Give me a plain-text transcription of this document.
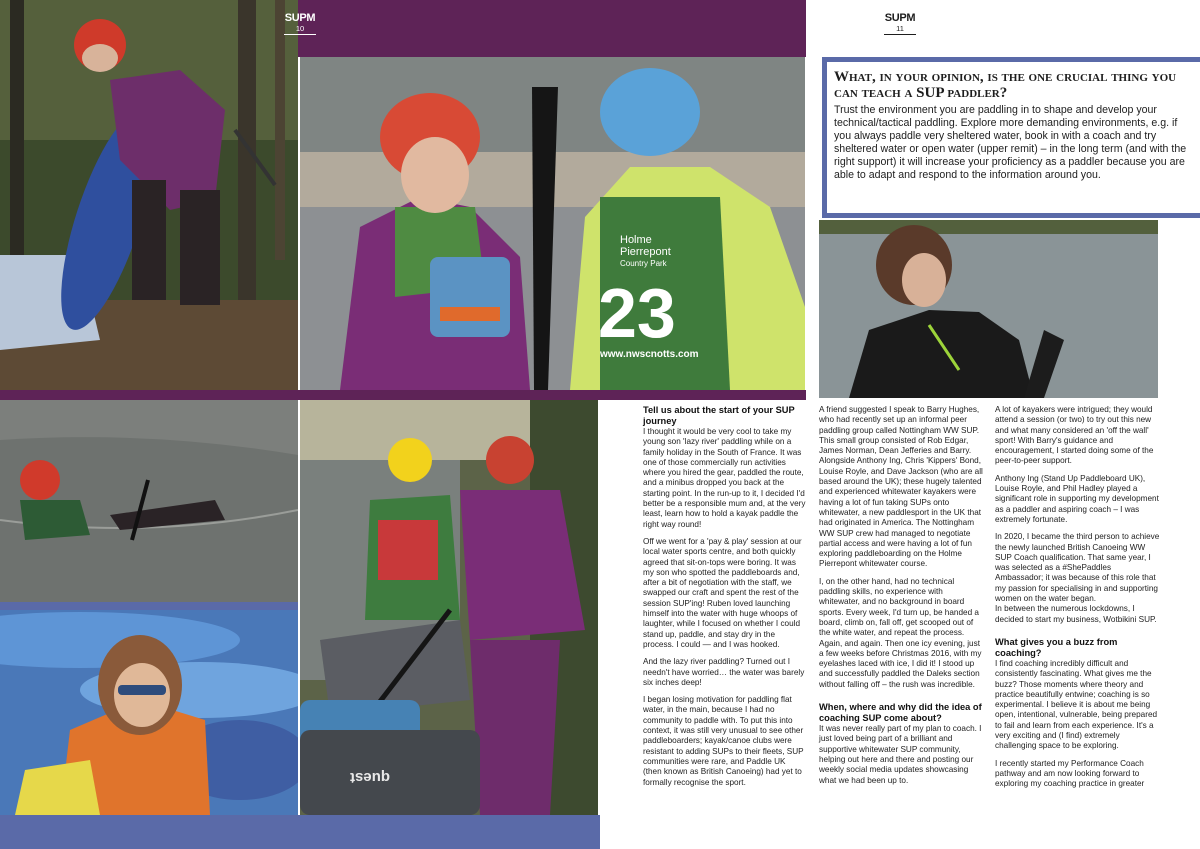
23
Holme
Pierrepont
Country Park
www.nwscnotts.com
What, in your opinion, is the one crucial thing you can teach a SUP paddler?

Trust the environment you are paddling in to shape and develop your technical/tactical paddling. Explore more demanding environments, e.g. if you always paddle very sheltered water, book in with a coach and try sheltered water or open water (upper remit) – in the long term (and with the right support) it will increase your proficiency as a paddler because you are able to adapt and respond to the information around you.

quest
SUPM
10
SUPM
11
Tell us about the start of your SUP journey

I thought it would be very cool to take my young son 'lazy river' paddling while on a family holiday in the South of France. It was one of those commercially run activities where you hired the gear, paddled the route, and a minibus dropped you back at the starting point. In the run-up to it, I decided I'd better be a responsible mum and, at the very least, learn how to hold a kayak paddle the right way round!

Off we went for a 'pay & play' session at our local water sports centre, and both quickly agreed that sit-on-tops were boring. It was my son who spotted the paddleboards and, after a bit of negotiation with the staff, we swapped our craft and spent the rest of the session SUP'ing! Ruben loved launching himself into the water with huge whoops of laughter, while I focused on whether I could stand up, paddle, and stay dry in the process. I could — and I was hooked.

And the lazy river paddling? Turned out I needn't have worried… the water was barely six inches deep!

I began losing motivation for paddling flat water, in the main, because I had no community to paddle with. To put this into context, it was still very unusual to see other paddleboarders; kayak/canoe clubs were resistant to adding SUPs to their fleets, SUP communities were rare, and Paddle UK (then known as British Canoeing) had yet to formally recognise the sport.

A friend suggested I speak to Barry Hughes, who had recently set up an informal peer paddling group called Nottingham WW SUP. This small group consisted of Rob Edgar, James Norman, Dean Jefferies and Barry. Alongside Anthony Ing, Chris 'Kippers' Bond, Louise Royle, and Dave Jackson (who are all based around the UK); these hugely talented and experienced whitewater kayakers were having a lot of fun taking SUPs onto whitewater, a new paddlesport in the UK that had originated in America. The Nottingham WW SUP crew had managed to negotiate partial access and were having a lot of fun exploring paddleboarding on the Holme Pierrepont whitewater course.

I, on the other hand, had no technical paddling skills, no experience with whitewater, and no background in board sports. Every week, I'd turn up, be handed a board, climb on, fall off, get scooped out of the white water, and repeat the process. Again, and again. Then one icy evening, just a few weeks before Christmas 2016, with my eyelashes laced with ice, I did it! I stood up and successfully paddled the Daleks section without falling off – the rush was incredible.

When, where and why did the idea of coaching SUP come about?

It was never really part of my plan to coach. I just loved being part of a brilliant and supportive whitewater SUP community, helping out here and there and posting our weekly social media updates showcasing what we had been up to.

A lot of kayakers were intrigued; they would attend a session (or two) to try out this new and what many considered an 'off the wall' sport! With Barry's guidance and encouragement, I started doing some of the peer-to-peer support.

Anthony Ing (Stand Up Paddleboard UK), Louise Royle, and Phil Hadley played a significant role in supporting my development as a paddler and aspiring coach – I was extremely fortunate.

In 2020, I became the third person to achieve the newly launched British Canoeing WW SUP Coach qualification. That same year, I was selected as a #ShePaddles Ambassador; it was because of this role that my passion for specialising in and supporting women on the water began.

In between the numerous lockdowns, I decided to start my business, Wotbikini SUP.

What gives you a buzz from coaching?

I find coaching incredibly difficult and consistently fascinating. What gives me the buzz? Those moments where theory and practice beautifully entwine; coaching is so experimental. I believe it is about me being open, intentional, vulnerable, being prepared to fail and learn from each experience. It's a very exciting and (I find) extremely challenging space to be exploring.

I recently started my Performance Coach pathway and am now looking forward to exploring my coaching practice in greater
